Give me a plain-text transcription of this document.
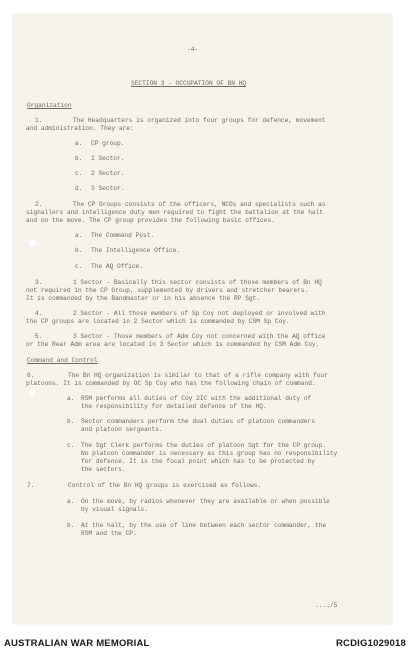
-4-
SECTION 3 - OCCUPATION OF BN HQ
Organization
1.	The Headquarters is organized into four groups for defence, movement
and administration. They are:
a. CP group.
b. 1 Sector.
c. 2 Sector.
d. 3 Sector.
2.	The CP Groups consists of the officers, NCOs and specialists such as
signallers and intelligence duty men required to fight the battalion at the halt
and on the move. The CP group provides the following basic offices.
a. The Command Post.
b. The Intelligence Office.
c. The AQ Office.
3.	1 Sector - Basically this sector consists of those members of Bn HQ
not required in the CP Group, supplemented by drivers and stretcher bearers.
It is commanded by the Bandmaster or in his absence the RP Sgt.
4.	2 Sector - All those members of Sp Coy not deployed or involved with
the CP groups are located in 2 Sector which is commanded by CSM Sp Coy.
5.	3 Sector - Those members of Adm Coy not concerned with the AQ office
or the Rear Adm area are located in 3 Sector which is commanded by CSM Adm Coy.
Command and Control
6.	The Bn HQ organization is similar to that of a rifle company with four
platoons. It is commanded by OC Sp Coy who has the following chain of command.
a. RSM performs all duties of Coy 2IC with the additional duty of
the responsibility for detailed defence of the HQ.
b. Sector commanders perform the dual duties of platoon commanders
and platoon sergeants.
c. The Sgt Clerk performs the duties of platoon Sgt for the CP group.
No platoon commander is necessary as this group has no responsibility
for defence. It is the focal point which has to be protected by
the sectors.
7.	Control of the Bn HQ groups is exercised as follows.
a. On the move, by radios whenever they are available or when possible
by visual signals.
b. At the halt, by the use of line between each sector commander, the
RSM and the CP.
..../5
AUSTRALIAN WAR MEMORIAL	RCDIG1029018
